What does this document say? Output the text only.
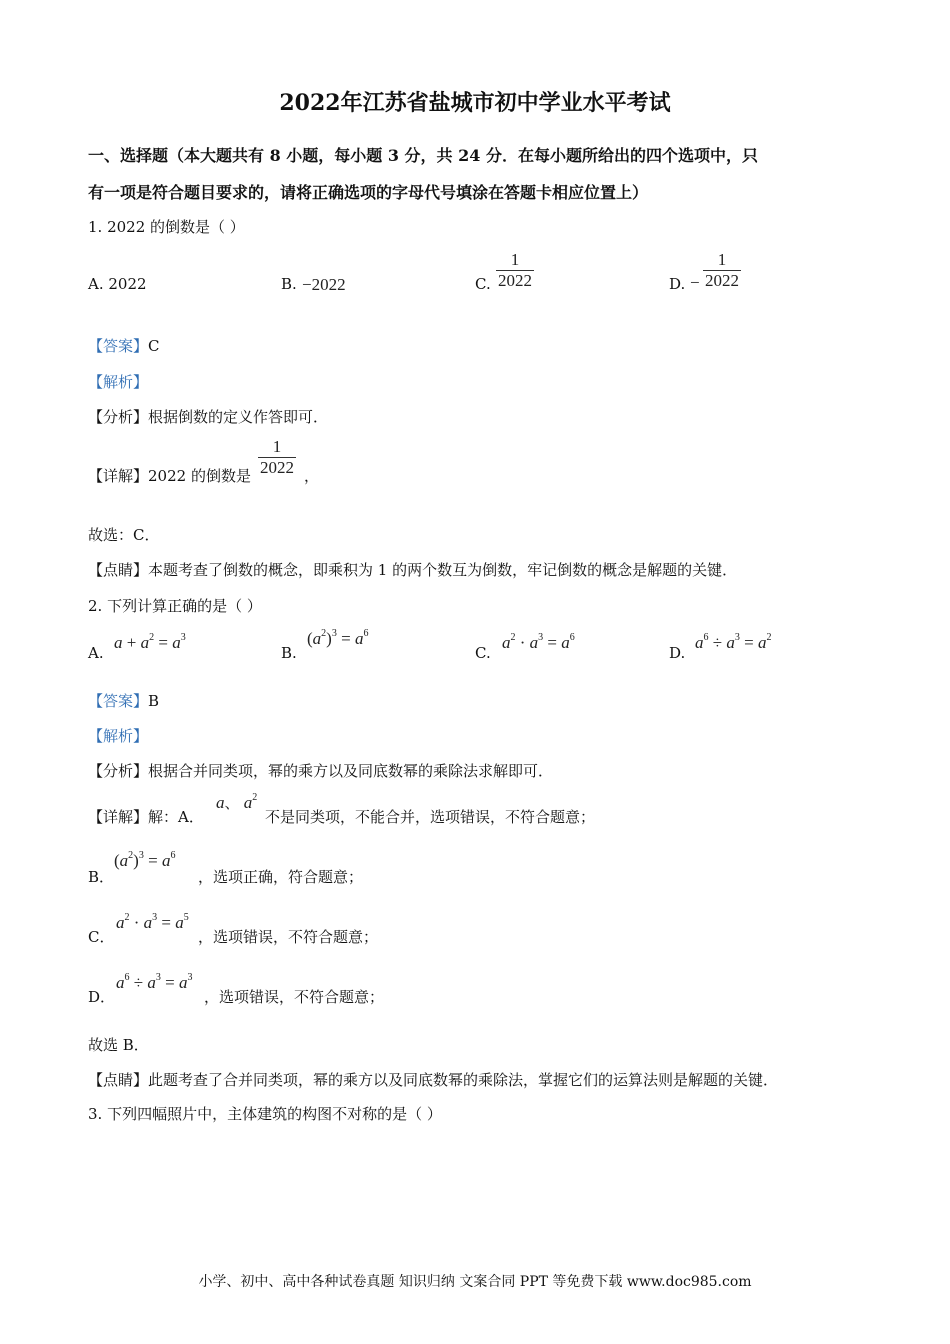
2022年江苏省盐城市初中学业水平考试
一、选择题（本大题共有 8 小题，每小题 3 分，共 24 分．在每小题所给出的四个选项中，只
有一项是符合题目要求的，请将正确选项的字母代号填涂在答题卡相应位置上）
1. 2022 的倒数是（ ）
A. 2022	B. −2022	C. $\frac{1}{2022}$	D. − $\frac{1}{2022}$
【答案】C
【解析】
【分析】根据倒数的定义作答即可．
【详解】2022 的倒数是 $\frac{1}{2022}$ ，
故选：C．
【点睛】本题考查了倒数的概念，即乘积为 1 的两个数互为倒数，牢记倒数的概念是解题的关键．
2. 下列计算正确的是（ ）
A.
$a + a^2 = a^3$
B.
$(a^2)^3 = a^6$
C.
$a^2 \cdot a^3 = a^6$
D.
$a^6 \div a^3 = a^2$
【答案】B
【解析】
【分析】根据合并同类项，幂的乘方以及同底数幂的乘除法求解即可．
【详解】解：A．
a、 $a^2$
不是同类项，不能合并，选项错误，不符合题意；
B．
$(a^2)^3 = a^6$
，选项正确，符合题意；
C．
$a^2 \cdot a^3 = a^5$
，选项错误，不符合题意；
D．
$a^6 \div a^3 = a^3$
，选项错误，不符合题意；
故选 B．
【点睛】此题考查了合并同类项，幂的乘方以及同底数幂的乘除法，掌握它们的运算法则是解题的关键．
3. 下列四幅照片中，主体建筑的构图不对称的是（ ）
小学、初中、高中各种试卷真题 知识归纳 文案合同 PPT 等免费下载 www.doc985.com
